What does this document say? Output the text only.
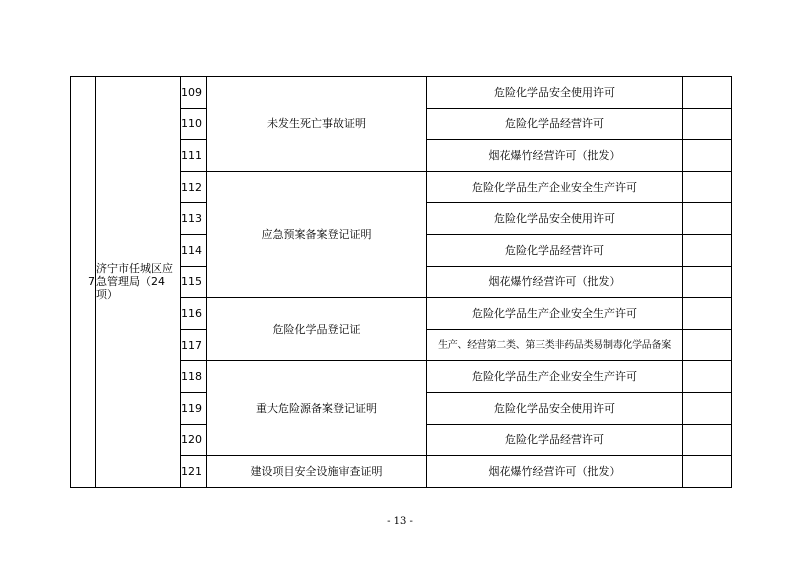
7	济宁市任城区应急管理局（24项）	109	未发生死亡事故证明	危险化学品安全使用许可	
		110		危险化学品经营许可	
		111		烟花爆竹经营许可（批发）	
		112	应急预案备案登记证明	危险化学品生产企业安全生产许可	
		113		危险化学品安全使用许可	
		114		危险化学品经营许可	
		115		烟花爆竹经营许可（批发）	
		116	危险化学品登记证	危险化学品生产企业安全生产许可	
		117		生产、经营第二类、第三类非药品类易制毒化学品备案	
		118	重大危险源备案登记证明	危险化学品生产企业安全生产许可	
		119		危险化学品安全使用许可	
		120		危险化学品经营许可	
		121	建设项目安全设施审查证明	烟花爆竹经营许可（批发）	
- 13 -
